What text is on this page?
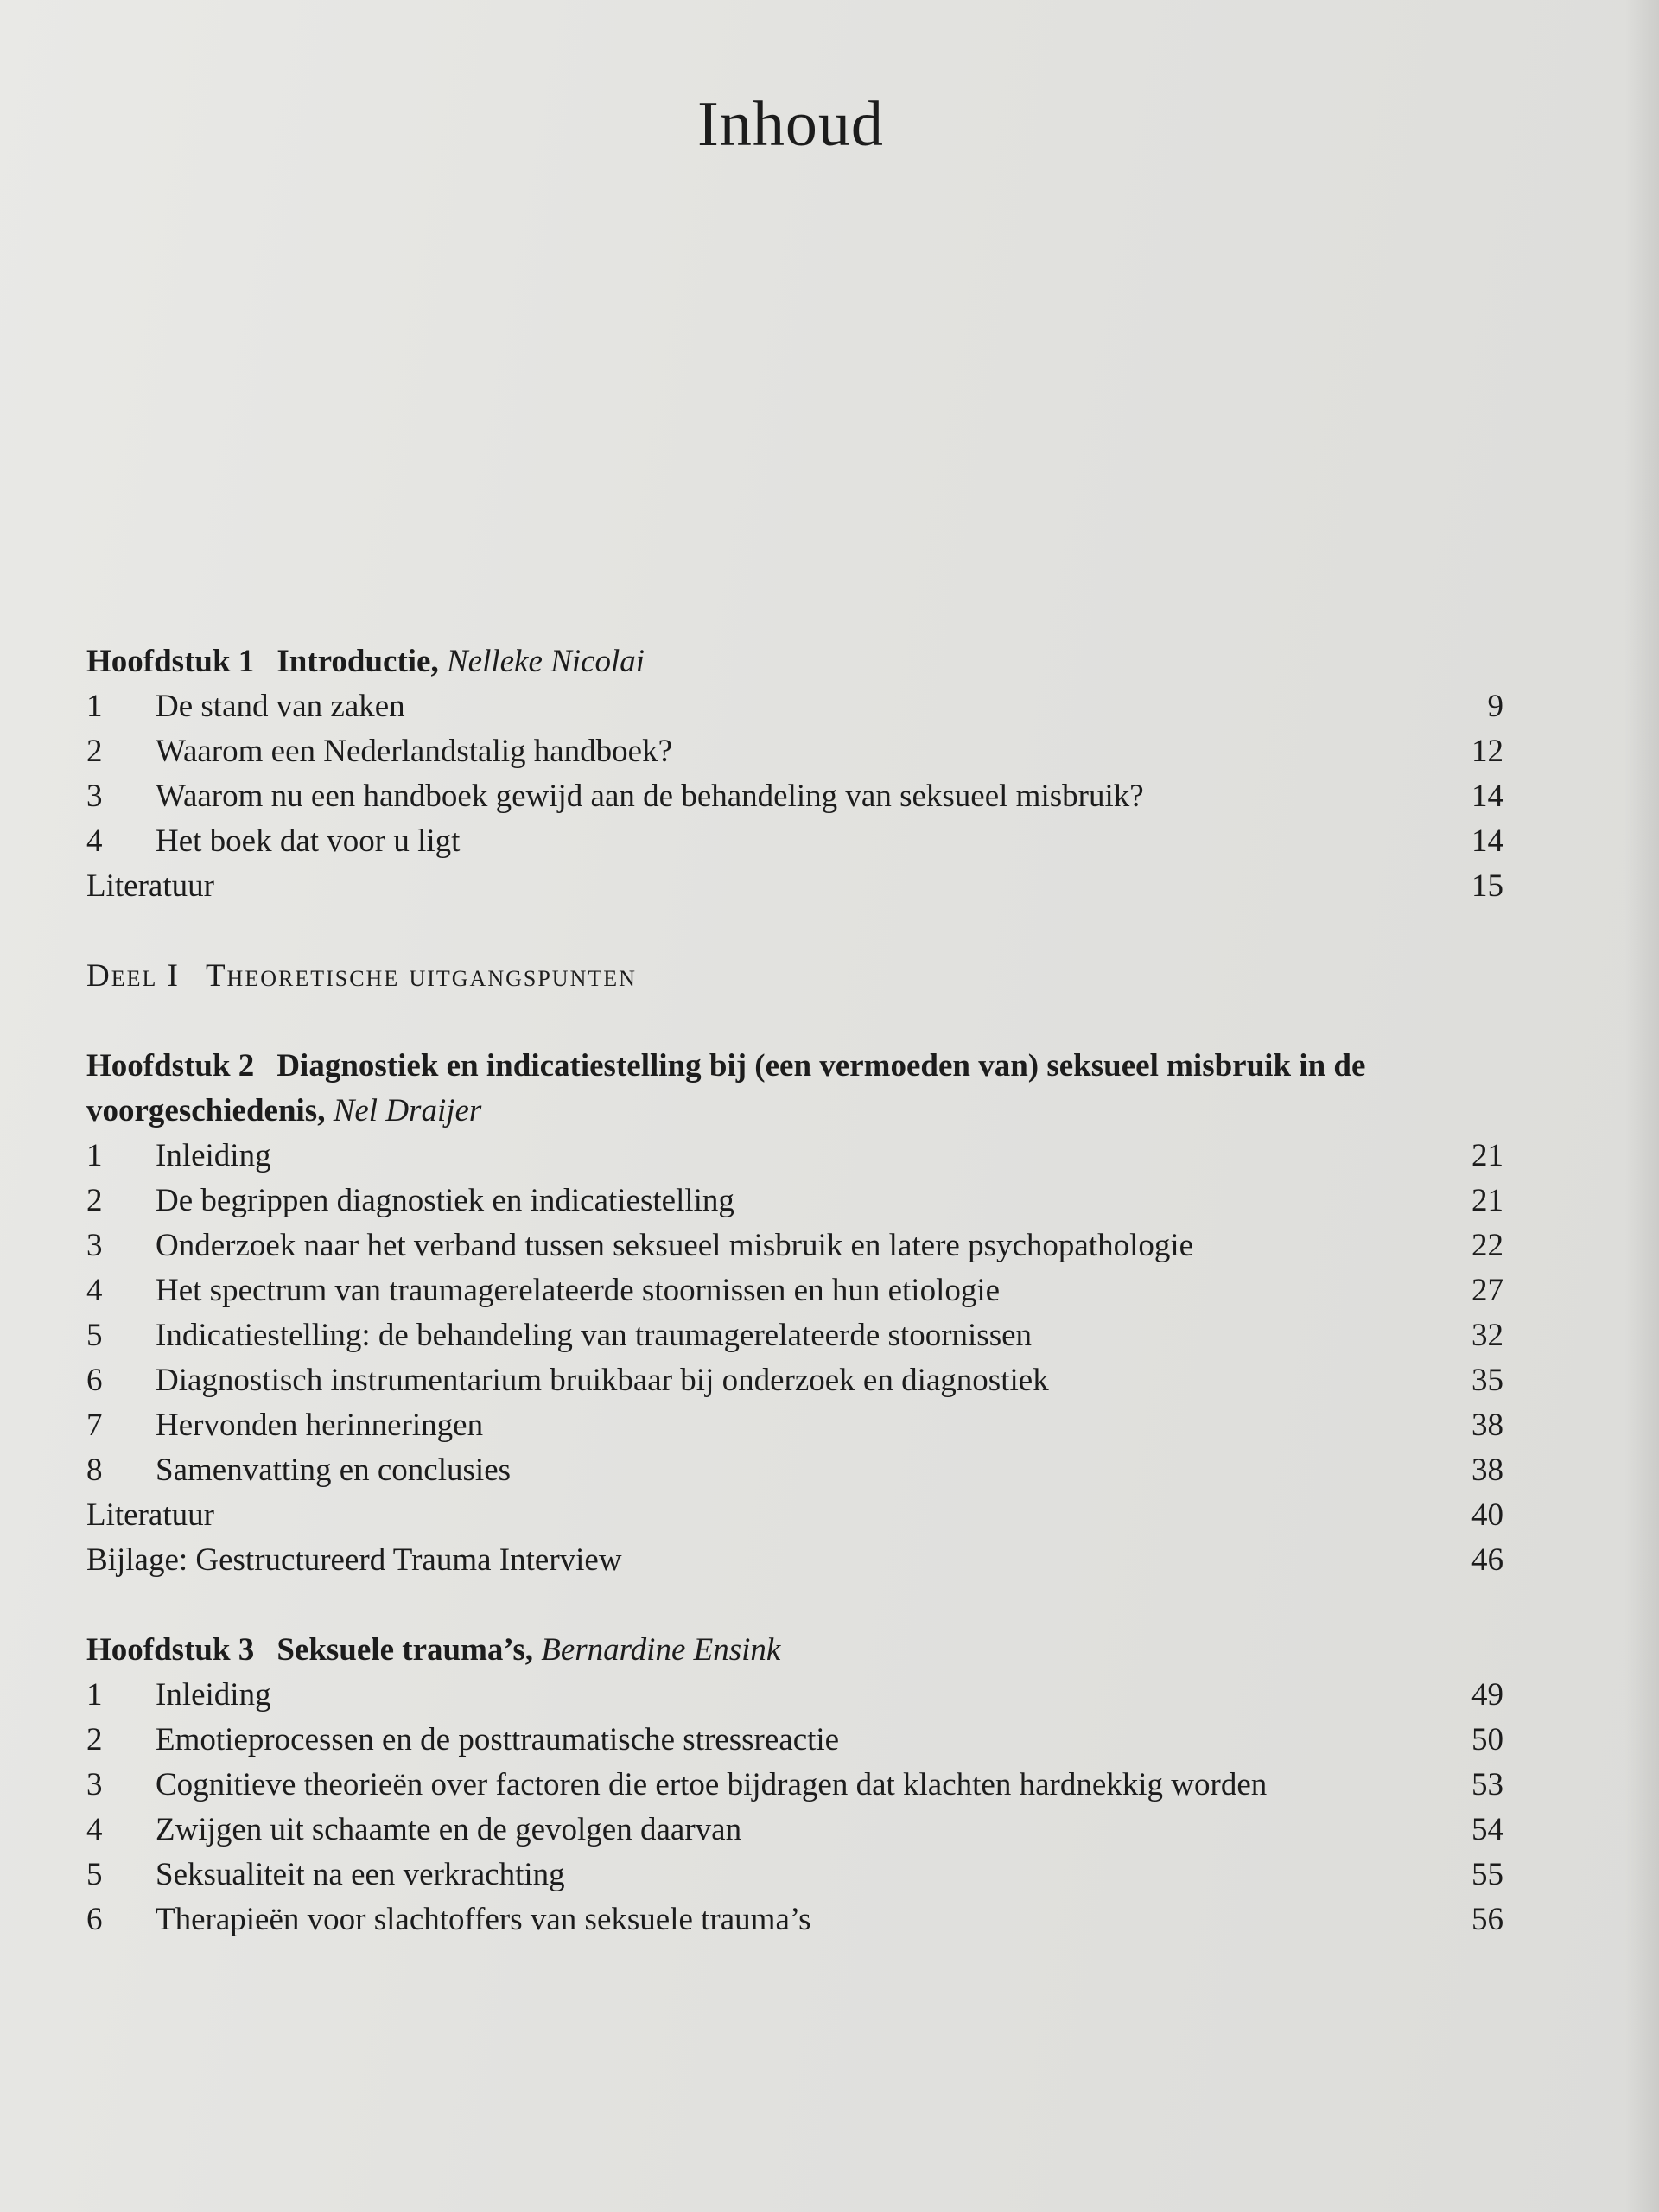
Inhoud
Hoofdstuk 1 Introductie, Nelleke Nicolai
1	De stand van zaken	9
2	Waarom een Nederlandstalig handboek?	12
3	Waarom nu een handboek gewijd aan de behandeling van seksueel misbruik?	14
4	Het boek dat voor u ligt	14
Literatuur	15
Deel I Theoretische uitgangspunten
Hoofdstuk 2 Diagnostiek en indicatiestelling bij (een vermoeden van) seksueel misbruik in de voorgeschiedenis, Nel Draijer
1	Inleiding	21
2	De begrippen diagnostiek en indicatiestelling	21
3	Onderzoek naar het verband tussen seksueel misbruik en latere psychopathologie	22
4	Het spectrum van traumagerelateerde stoornissen en hun etiologie	27
5	Indicatiestelling: de behandeling van traumagerelateerde stoornissen	32
6	Diagnostisch instrumentarium bruikbaar bij onderzoek en diagnostiek	35
7	Hervonden herinneringen	38
8	Samenvatting en conclusies	38
Literatuur	40
Bijlage: Gestructureerd Trauma Interview	46
Hoofdstuk 3 Seksuele trauma’s, Bernardine Ensink
1	Inleiding	49
2	Emotieprocessen en de posttraumatische stressreactie	50
3	Cognitieve theorieën over factoren die ertoe bijdragen dat klachten hardnekkig worden	53
4	Zwijgen uit schaamte en de gevolgen daarvan	54
5	Seksualiteit na een verkrachting	55
6	Therapieën voor slachtoffers van seksuele trauma’s	56
